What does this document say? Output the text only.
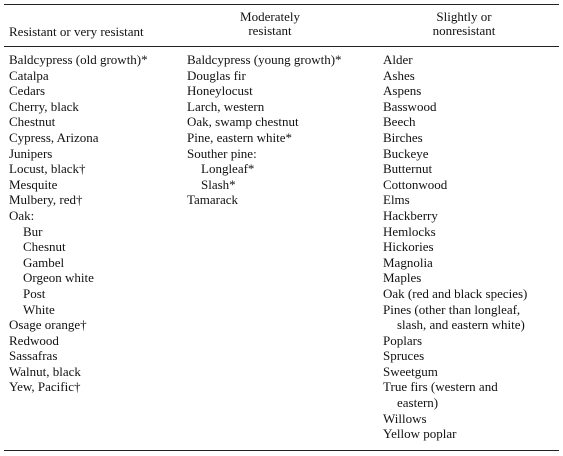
Resistant or very resistant
Moderately
resistant
Slightly or
nonresistant
Baldcypress (old growth)*
Catalpa
Cedars
Cherry, black
Chestnut
Cypress, Arizona
Junipers
Locust, black†
Mesquite
Mulbery, red†
Oak:
Bur
Chesnut
Gambel
Orgeon white
Post
White
Osage orange†
Redwood
Sassafras
Walnut, black
Yew, Pacific†
Baldcypress (young growth)*
Douglas fir
Honeylocust
Larch, western
Oak, swamp chestnut
Pine, eastern white*
Souther pine:
Longleaf*
Slash*
Tamarack
Alder
Ashes
Aspens
Basswood
Beech
Birches
Buckeye
Butternut
Cottonwood
Elms
Hackberry
Hemlocks
Hickories
Magnolia
Maples
Oak (red and black species)
Pines (other than longleaf,
slash, and eastern white)
Poplars
Spruces
Sweetgum
True firs (western and
eastern)
Willows
Yellow poplar
